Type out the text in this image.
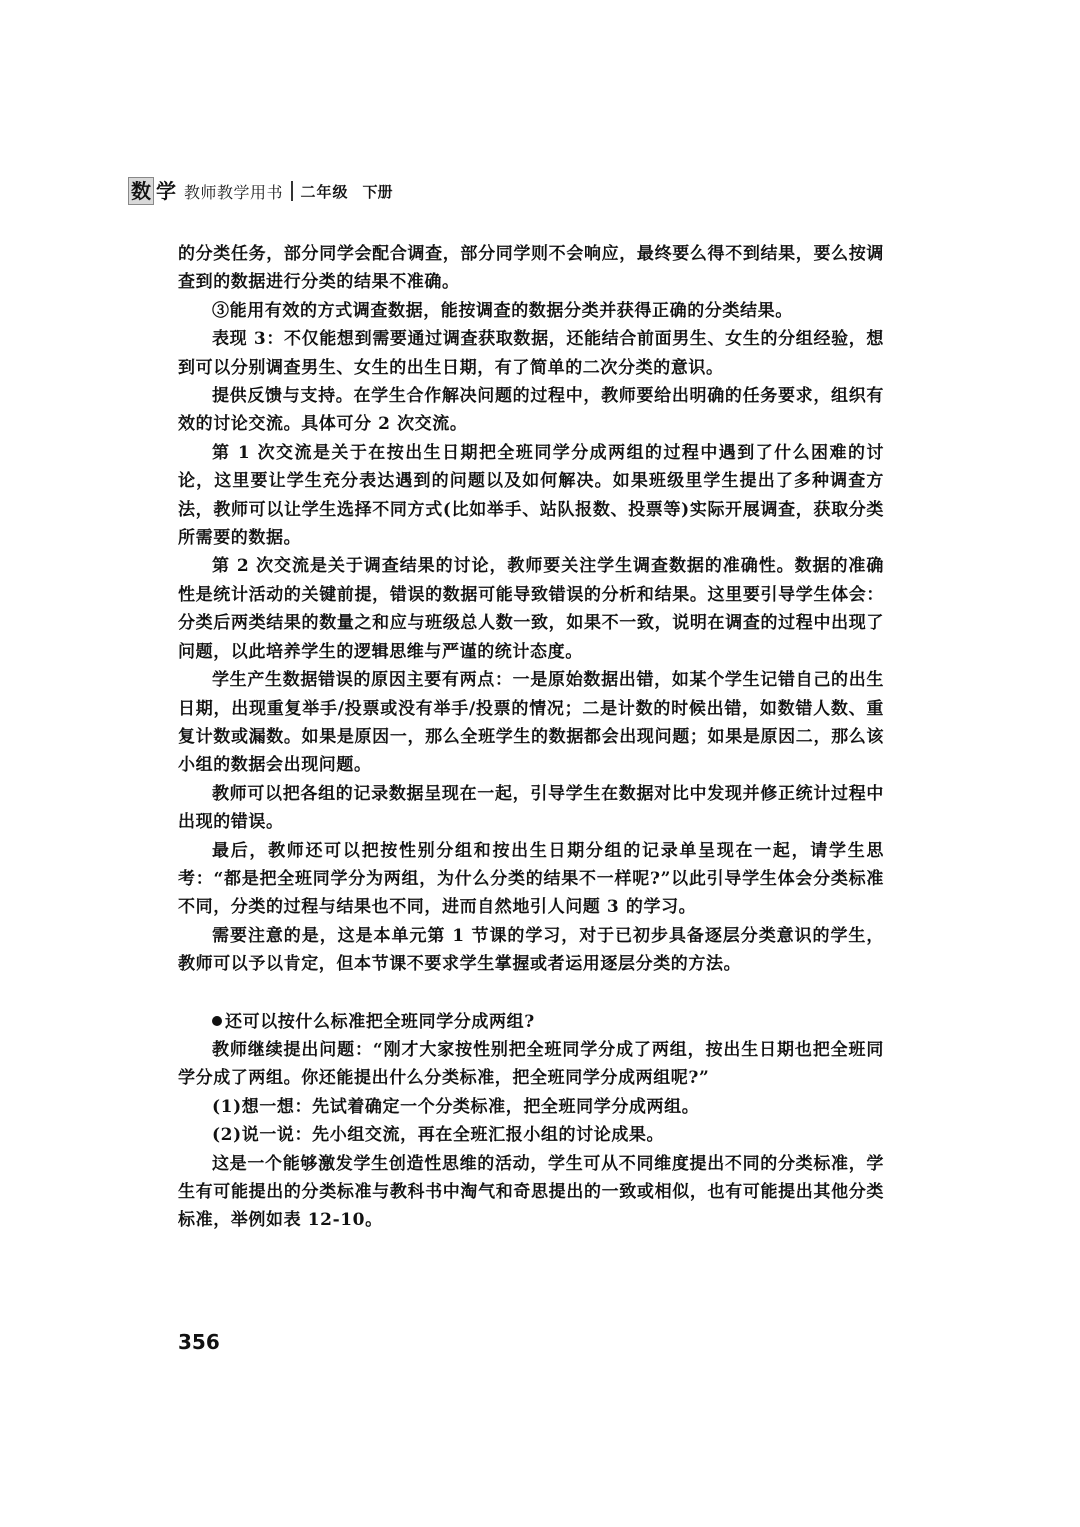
数 学 教师教学用书 二年级 下册

的分类任务，部分同学会配合调查，部分同学则不会响应，最终要么得不到结果，要么按调查到的数据进行分类的结果不准确。

③能用有效的方式调查数据，能按调查的数据分类并获得正确的分类结果。

表现 3：不仅能想到需要通过调查获取数据，还能结合前面男生、女生的分组经验，想到可以分别调查男生、女生的出生日期，有了简单的二次分类的意识。

提供反馈与支持。在学生合作解决问题的过程中，教师要给出明确的任务要求，组织有效的讨论交流。具体可分 2 次交流。

第 1 次交流是关于在按出生日期把全班同学分成两组的过程中遇到了什么困难的讨论，这里要让学生充分表达遇到的问题以及如何解决。如果班级里学生提出了多种调查方法，教师可以让学生选择不同方式(比如举手、站队报数、投票等)实际开展调查，获取分类所需要的数据。

第 2 次交流是关于调查结果的讨论，教师要关注学生调查数据的准确性。数据的准确性是统计活动的关键前提，错误的数据可能导致错误的分析和结果。这里要引导学生体会：分类后两类结果的数量之和应与班级总人数一致，如果不一致，说明在调查的过程中出现了问题，以此培养学生的逻辑思维与严谨的统计态度。

学生产生数据错误的原因主要有两点：一是原始数据出错，如某个学生记错自己的出生日期，出现重复举手/投票或没有举手/投票的情况；二是计数的时候出错，如数错人数、重复计数或漏数。如果是原因一，那么全班学生的数据都会出现问题；如果是原因二，那么该小组的数据会出现问题。

教师可以把各组的记录数据呈现在一起，引导学生在数据对比中发现并修正统计过程中出现的错误。

最后，教师还可以把按性别分组和按出生日期分组的记录单呈现在一起，请学生思考：“都是把全班同学分为两组，为什么分类的结果不一样呢?”以此引导学生体会分类标准不同，分类的过程与结果也不同，进而自然地引人问题 3 的学习。

需要注意的是，这是本单元第 1 节课的学习，对于已初步具备逐层分类意识的学生，教师可以予以肯定，但本节课不要求学生掌握或者运用逐层分类的方法。

还可以按什么标准把全班同学分成两组?

教师继续提出问题：“刚才大家按性别把全班同学分成了两组，按出生日期也把全班同学分成了两组。你还能提出什么分类标准，把全班同学分成两组呢?”

(1)想一想：先试着确定一个分类标准，把全班同学分成两组。

(2)说一说：先小组交流，再在全班汇报小组的讨论成果。

这是一个能够激发学生创造性思维的活动，学生可从不同维度提出不同的分类标准，学生有可能提出的分类标准与教科书中淘气和奇思提出的一致或相似，也有可能提出其他分类标准，举例如表 12-10。

356
